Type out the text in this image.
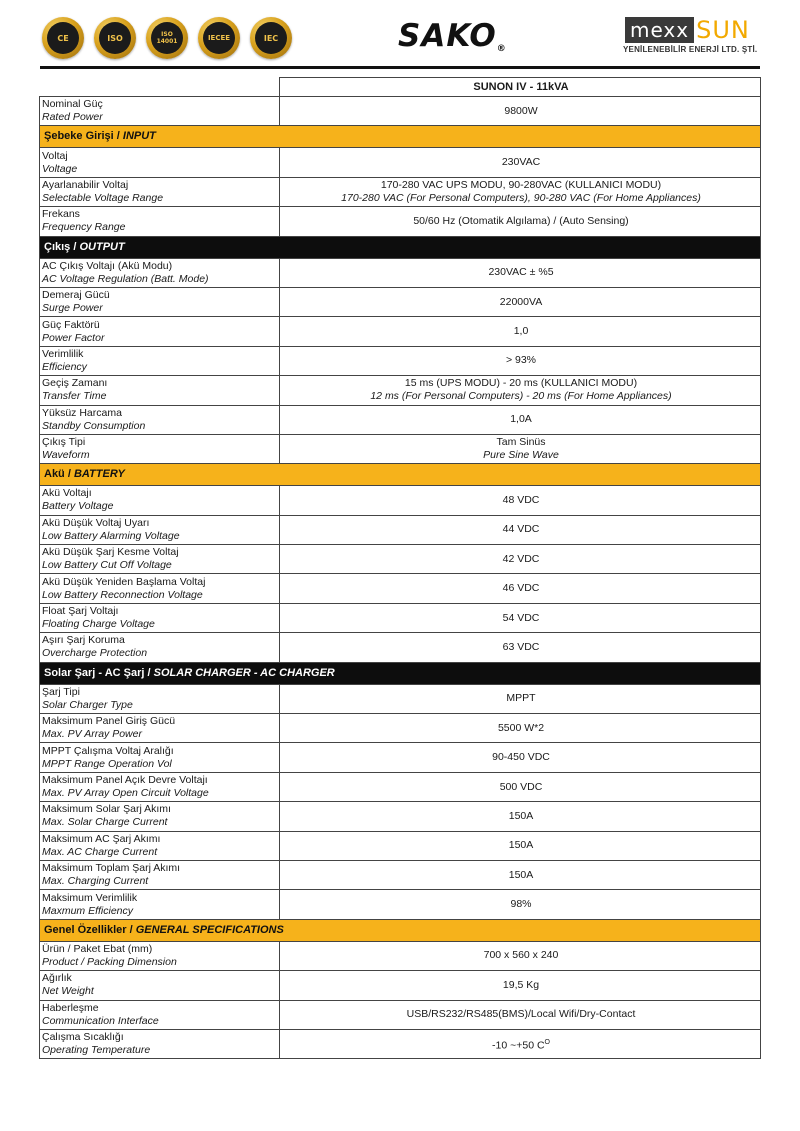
CE	ISO	ISO 14001	IECEE	IEC	SAKO®
mexx SUN
YENİLENEBİLİR ENERJİ LTD. ŞTİ.
	SUNON IV - 11kVA

Nominal Güç
Rated Power	9800W
Şebeke Girişi / INPUT	

Voltaj
Voltage	230VAC

Ayarlanabilir Voltaj
Selectable Voltage Range	170-280 VAC UPS MODU, 90-280VAC (KULLANICI MODU)
170-280 VAC (For Personal Computers), 90-280 VAC (For Home Appliances)

Frekans
Frequency Range	50/60 Hz (Otomatik Algılama) / (Auto Sensing)

Çıkış / OUTPUT	

AC Çıkış Voltajı (Akü Modu)
AC Voltage Regulation (Batt. Mode)	230VAC ± %5

Demeraj Gücü
Surge Power	22000VA

Güç Faktörü
Power Factor	1,0

Verimlilik
Efficiency	> 93%

Geçiş Zamanı
Transfer Time	15 ms (UPS MODU) - 20 ms (KULLANICI MODU)
12 ms (For Personal Computers) - 20 ms (For Home Appliances)

Yüksüz Harcama
Standby Consumption	1,0A

Çıkış Tipi
Waveform	Tam Sinüs
Pure Sine Wave

Akü / BATTERY	

Akü Voltajı
Battery Voltage	48 VDC

Akü Düşük Voltaj Uyarı
Low Battery Alarming Voltage	44 VDC

Akü Düşük Şarj Kesme Voltaj
Low Battery Cut Off Voltage	42 VDC

Akü Düşük Yeniden Başlama Voltaj
Low Battery Reconnection Voltage	46 VDC

Float Şarj Voltajı
Floating Charge Voltage	54 VDC

Aşırı Şarj Koruma
Overcharge Protection	63 VDC

Solar Şarj - AC Şarj / SOLAR CHARGER - AC CHARGER	

Şarj Tipi
Solar Charger Type	MPPT

Maksimum Panel Giriş Gücü
Max. PV Array Power	5500 W*2

MPPT Çalışma Voltaj Aralığı
MPPT Range Operation Vol	90-450 VDC

Maksimum Panel Açık Devre Voltajı
Max. PV Array Open Circuit Voltage	500 VDC

Maksimum Solar Şarj Akımı
Max. Solar Charge Current	150A

Maksimum AC Şarj Akımı
Max. AC Charge Current	150A

Maksimum Toplam Şarj Akımı
Max. Charging Current	150A

Maksimum Verimlilik
Maxmum Efficiency	98%

Genel Özellikler / GENERAL SPECIFICATIONS	

Ürün / Paket Ebat (mm)
Product / Packing Dimension	700 x 560 x 240

Ağırlık
Net Weight	19,5 Kg

Haberleşme
Communication Interface	USB/RS232/RS485(BMS)/Local Wifi/Dry-Contact

Çalışma Sıcaklığı
Operating Temperature	-10 ~+50 $C^O$
